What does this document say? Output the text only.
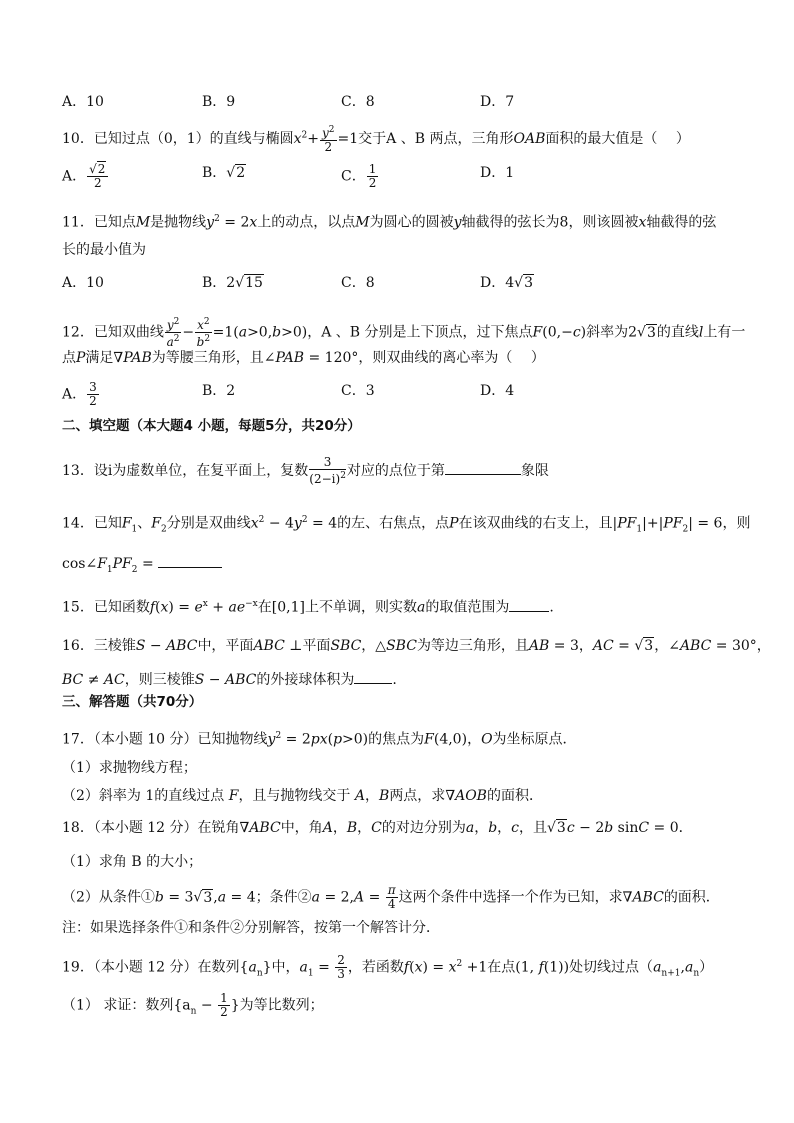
A．10	B．9	C．8	D．7
10．已知过点（0，1）的直线与椭圆$x^2+ \frac{y^2}{2} =1$交于A 、B 两点，三角形OAB面积的最大值是（　 ）
A． $\frac{√2}{2}$	B．√2	C． $\frac{1}{2}$	D．1
11．已知点M是抛物线$y^2 = 2x$上的动点，以点M为圆心的圆被y轴截得的弦长为8，则该圆被x轴截得的弦
长的最小值为
A．10	B．2√15	C．8	D．4√3
12．已知双曲线 $\frac{y^2}{a^2} - \frac{x^2}{b^2} =1(a>0,b>0)$，A 、B 分别是上下顶点，过下焦点F(0,−c)斜率为2√3的直线l上有一
点P满足∇PAB为等腰三角形，且∠PAB = 120°，则双曲线的离心率为（　 ）
A． $\frac{3}{2}$	B．2	C．3	D．4
二、填空题（本大题4 小题，每题5分，共20分）
13．设i为虚数单位，在复平面上，复数 $\frac{3}{(2-i)^2}$ 对应的点位于第	象限
14．已知$F_1$、$F_2$分别是双曲线$x^2 - 4y^2 = 4$的左、右焦点，点P在该双曲线的右支上，且$|PF_1|+|PF_2| = 6$，则
$\cos\angle F_1PF_2$ =
15．已知函数$f(x) = e^x + ae^{-x}$在[0,1]上不单调，则实数a的取值范围为	.
16．三棱锥S − ABC中，平面ABC ⊥平面SBC，△SBC为等边三角形，且AB = 3，AC = √3，∠ABC = 30°，
BC ≠ AC，则三棱锥S − ABC的外接球体积为	.
三、解答题（共70分）
17．（本小题 10 分）已知抛物线$y^2 = 2px(p>0)$的焦点为F(4,0)，O为坐标原点．
（1）求抛物线方程；
（2）斜率为 1的直线过点 F，且与抛物线交于 A，B两点，求∇AOB的面积．
18．（本小题 12 分）在锐角∇ABC中，角A，B，C的对边分别为a，b，c，且√3c − 2b sinC = 0．
（1）求角 B 的大小；
（2）从条件①b = 3√3,a = 4；条件②a = $2,A = \frac{\pi}{4}$ 这两个条件中选择一个作为已知，求∇ABC的面积．
注：如果选择条件①和条件②分别解答，按第一个解答计分．
19．（本小题 12 分）在数列$\{a_n\}$中，$a_1 = \frac{2}{3}$ ，若函数$f(x) = x^2 +1$在点(1, f(1))处切线过点$(a_{n+1},a_n)$
（1） 求证：数列{$a_n - \frac{1}{2}$ }为等比数列；
